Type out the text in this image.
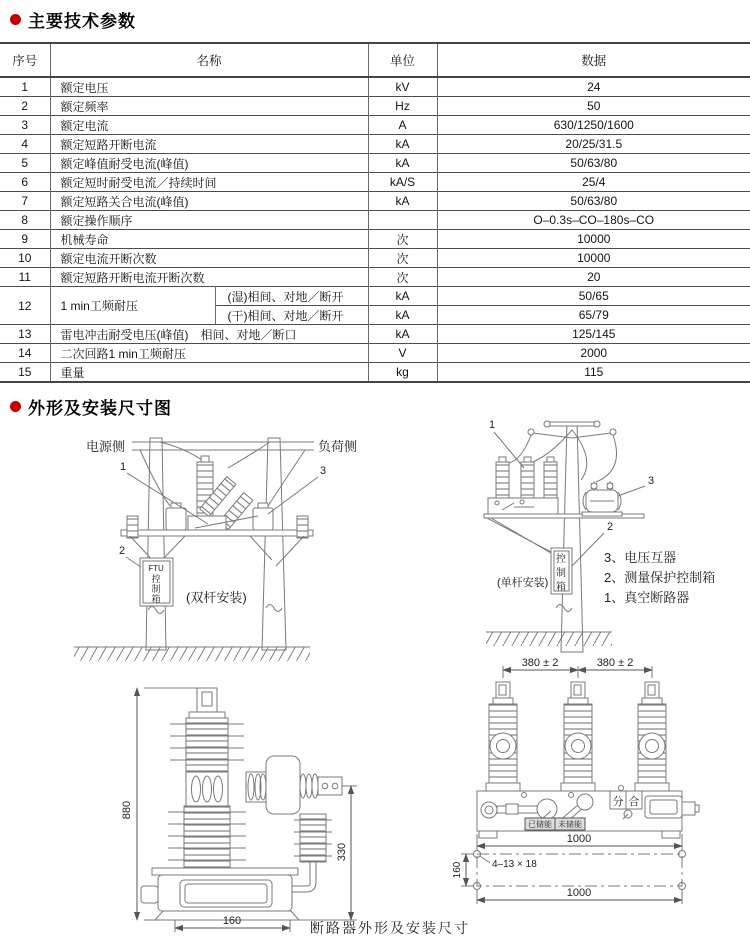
主要技术参数
序号	名称		单位	数据
1	额定电压		kV	24
2	额定频率		Hz	50
3	额定电流		A	630/1250/1600
4	额定短路开断电流		kA	20/25/31.5
5	额定峰值耐受电流(峰值)		kA	50/63/80
6	额定短时耐受电流／持续时间		kA/S	25/4
7	额定短路关合电流(峰值)		kA	50/63/80
8	额定操作顺序			O–0.3s–CO–180s–CO
9	机械寿命		次	10000
10	额定电流开断次数		次	10000
11	额定短路开断电流开断次数		次	20
12	1 min工频耐压	(湿)相间、对地／断开	kA	50/65
		(干)相间、对地／断开	kA	65/79
13	雷电冲击耐受电压(峰值)　相间、对地／断口		kA	125/145
14	二次回路1 min工频耐压		V	2000
15	重量		kg	115
外形及安装尺寸图
电源侧	负荷侧
1	3
FTU
控
制
箱
2
(双杆安装)
3
1
2
控
制
箱
(单杆安装)
3、电压互器
2、测量保护控制箱
1、真空断路器
880
330
160
分 合
已储能 未储能
380 ± 2	380 ± 2
1000
4–13 × 18
160
1000
断路器外形及安装尺寸
